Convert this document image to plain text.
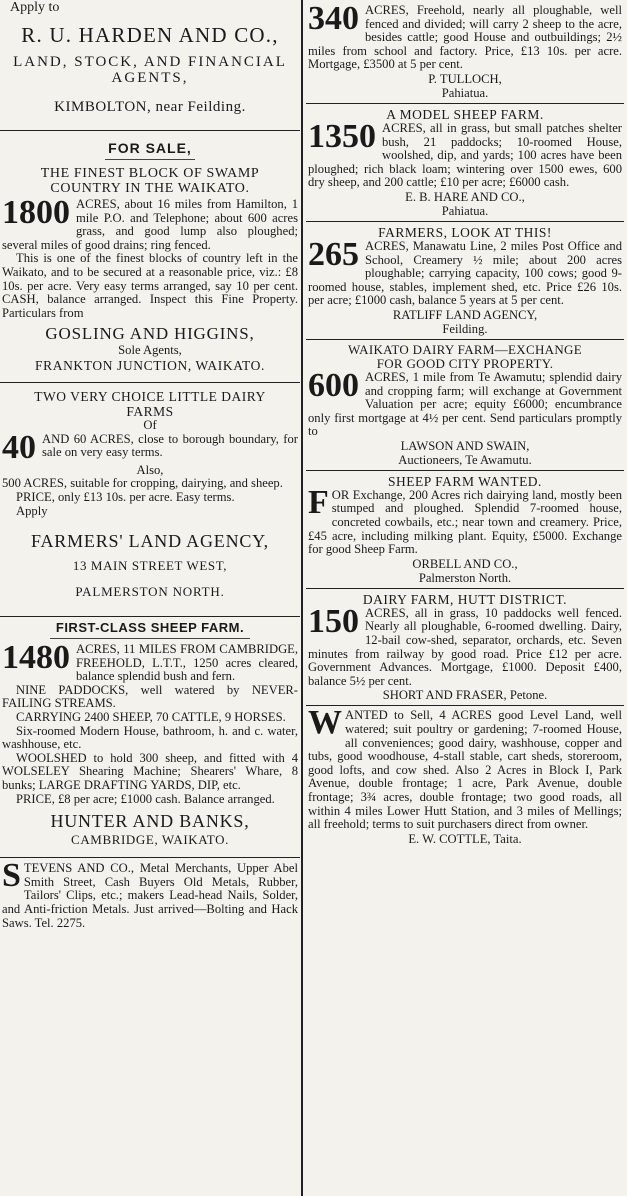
Apply to
R. U. HARDEN AND CO.,
LAND, STOCK, AND FINANCIAL
AGENTS,
KIMBOLTON, near Feilding.
FOR SALE,
THE FINEST BLOCK OF SWAMP
COUNTRY IN THE WAIKATO.
1800 ACRES, about 16 miles from Hamilton, 1 mile P.O. and Telephone; about 600 acres grass, and good lump also ploughed; several miles of good drains; ring fenced.
This is one of the finest blocks of country left in the Waikato, and to be secured at a reasonable price, viz.: £8 10s. per acre. Very easy terms arranged, say 10 per cent. CASH, balance arranged. Inspect this Fine Property. Particulars from
GOSLING AND HIGGINS,
Sole Agents,
FRANKTON JUNCTION, WAIKATO.
TWO VERY CHOICE LITTLE DAIRY
FARMS
Of
40 AND 60 ACRES, close to borough boundary, for sale on very easy terms.
Also,
500 ACRES, suitable for cropping, dairying, and sheep.
PRICE, only £13 10s. per acre. Easy terms.
Apply
FARMERS' LAND AGENCY,
13 MAIN STREET WEST,
PALMERSTON NORTH.
FIRST-CLASS SHEEP FARM.
1480 ACRES, 11 MILES FROM CAMBRIDGE, FREEHOLD, L.T.T., 1250 acres cleared, balance splendid bush and fern.
NINE PADDOCKS, well watered by NEVER-FAILING STREAMS.
CARRYING 2400 SHEEP, 70 CATTLE, 9 HORSES.
Six-roomed Modern House, bathroom, h. and c. water, washhouse, etc.
WOOLSHED to hold 300 sheep, and fitted with 4 WOLSELEY Shearing Machine; Shearers' Whare, 8 bunks; LARGE DRAFTING YARDS, DIP, etc.
PRICE, £8 per acre; £1000 cash. Balance arranged.
HUNTER AND BANKS,
CAMBRIDGE, WAIKATO.
STEVENS AND CO., Metal Merchants, Upper Abel Smith Street, Cash Buyers Old Metals, Rubber, Tailors' Clips, etc.; makers Lead-head Nails, Solder, and Anti-friction Metals. Just arrived—Bolting and Hack Saws. Tel. 2275.
340 ACRES, Freehold, nearly all ploughable, well fenced and divided; will carry 2 sheep to the acre, besides cattle; good House and outbuildings; 2½ miles from school and factory. Price, £13 10s. per acre. Mortgage, £3500 at 5 per cent.
P. TULLOCH,
Pahiatua.
A MODEL SHEEP FARM.
1350 ACRES, all in grass, but small patches shelter bush, 21 paddocks; 10-roomed House, woolshed, dip, and yards; 100 acres have been ploughed; rich black loam; wintering over 1500 ewes, 600 dry sheep, and 200 cattle; £10 per acre; £6000 cash.
E. B. HARE AND CO.,
Pahiatua.
FARMERS, LOOK AT THIS!
265 ACRES, Manawatu Line, 2 miles Post Office and School, Creamery ½ mile; about 200 acres ploughable; carrying capacity, 100 cows; good 9-roomed house, stables, implement shed, etc. Price £26 10s. per acre; £1000 cash, balance 5 years at 5 per cent.
RATLIFF LAND AGENCY,
Feilding.
WAIKATO DAIRY FARM—EXCHANGE
FOR GOOD CITY PROPERTY.
600 ACRES, 1 mile from Te Awamutu; splendid dairy and cropping farm; will exchange at Government Valuation per acre; equity £6000; encumbrance only first mortgage at 4½ per cent. Send particulars promptly to
LAWSON AND SWAIN,
Auctioneers, Te Awamutu.
SHEEP FARM WANTED.
FOR Exchange, 200 Acres rich dairying land, mostly been stumped and ploughed. Splendid 7-roomed house, concreted cowbails, etc.; near town and creamery. Price, £45 acre, including milking plant. Equity, £5000. Exchange for good Sheep Farm.
ORBELL AND CO.,
Palmerston North.
DAIRY FARM, HUTT DISTRICT.
150 ACRES, all in grass, 10 paddocks well fenced. Nearly all ploughable, 6-roomed dwelling. Dairy, 12-bail cow-shed, separator, orchards, etc. Seven minutes from railway by good road. Price £12 per acre. Government Advances. Mortgage, £1000. Deposit £400, balance 5½ per cent.
SHORT AND FRASER, Petone.
WANTED to Sell, 4 ACRES good Level Land, well watered; suit poultry or gardening; 7-roomed House, all conveniences; good dairy, washhouse, copper and tubs, good woodhouse, 4-stall stable, cart sheds, storeroom, good lofts, and cow shed. Also 2 Acres in Block I, Park Avenue, double frontage; 1 acre, Park Avenue, double frontage; 3¾ acres, double frontage; two good roads, all within 4 miles Lower Hutt Station, and 3 miles of Mellings; all freehold; terms to suit purchasers direct from owner.
E. W. COTTLE, Taita.
